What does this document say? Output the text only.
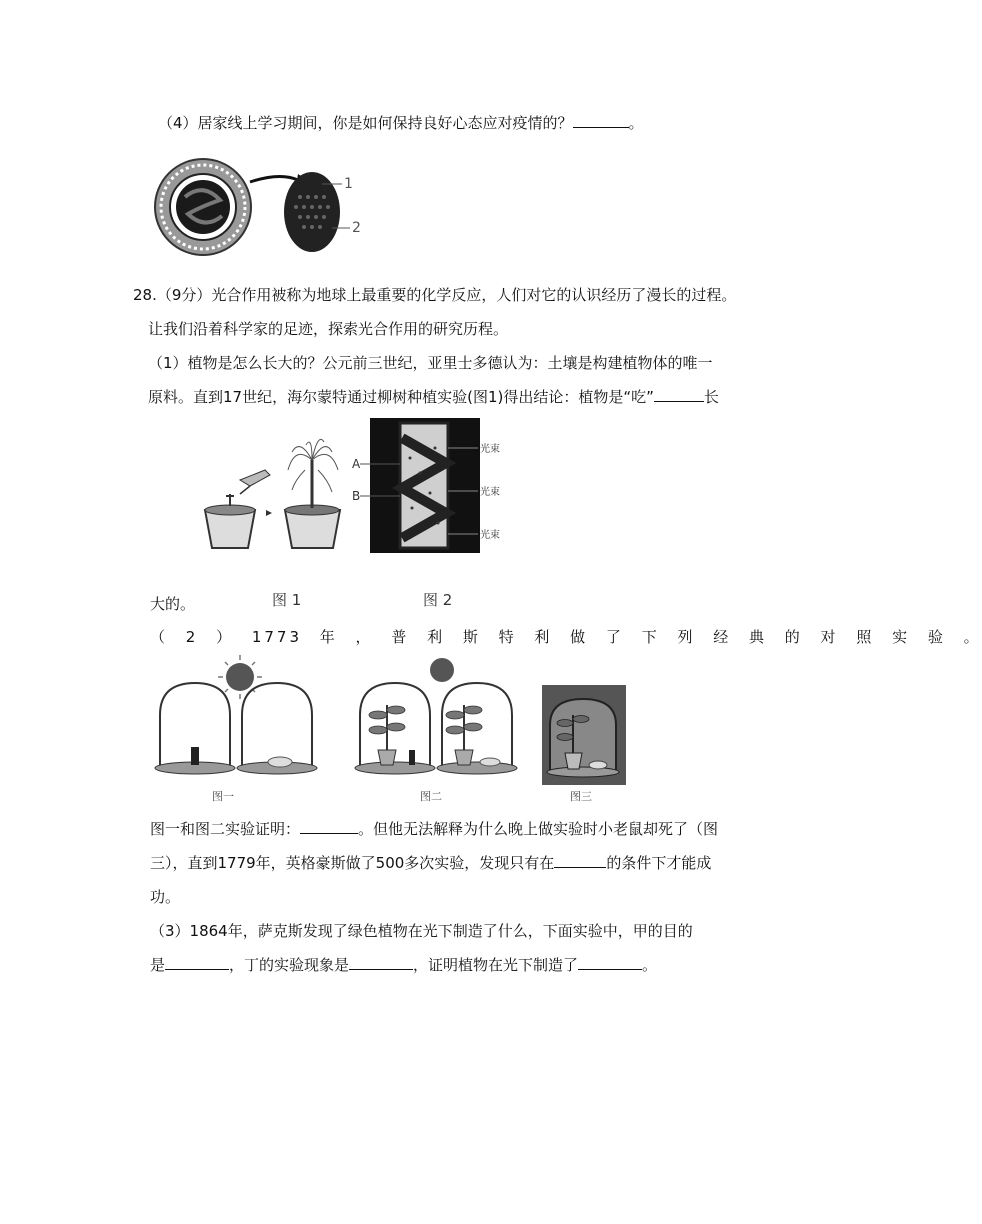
（4）居家线上学习期间，你是如何保持良好心态应对疫情的？	。
1
2
28.（9分）光合作用被称为地球上最重要的化学反应，人们对它的认识经历了漫长的过程。
让我们沿着科学家的足迹，探索光合作用的研究历程。
（1）植物是怎么长大的？公元前三世纪，亚里士多德认为：土壤是构建植物体的唯一
原料。直到17世纪，海尔蒙特通过柳树种植实验(图1)得出结论：植物是“吃”	长
A
B
光束
光束
光束
大的。	图 1	图 2
（ 2 ） 1773 年 ， 普 利 斯 特 利 做 了 下 列 经 典 的 对 照 实 验 。
图一	图二	图三
图一和图二实验证明：	。但他无法解释为什么晚上做实验时小老鼠却死了（图
三），直到1779年，英格豪斯做了500多次实验，发现只有在	的条件下才能成
功。
（3）1864年，萨克斯发现了绿色植物在光下制造了什么，下面实验中，甲的目的
是	，丁的实验现象是	，证明植物在光下制造了	。
